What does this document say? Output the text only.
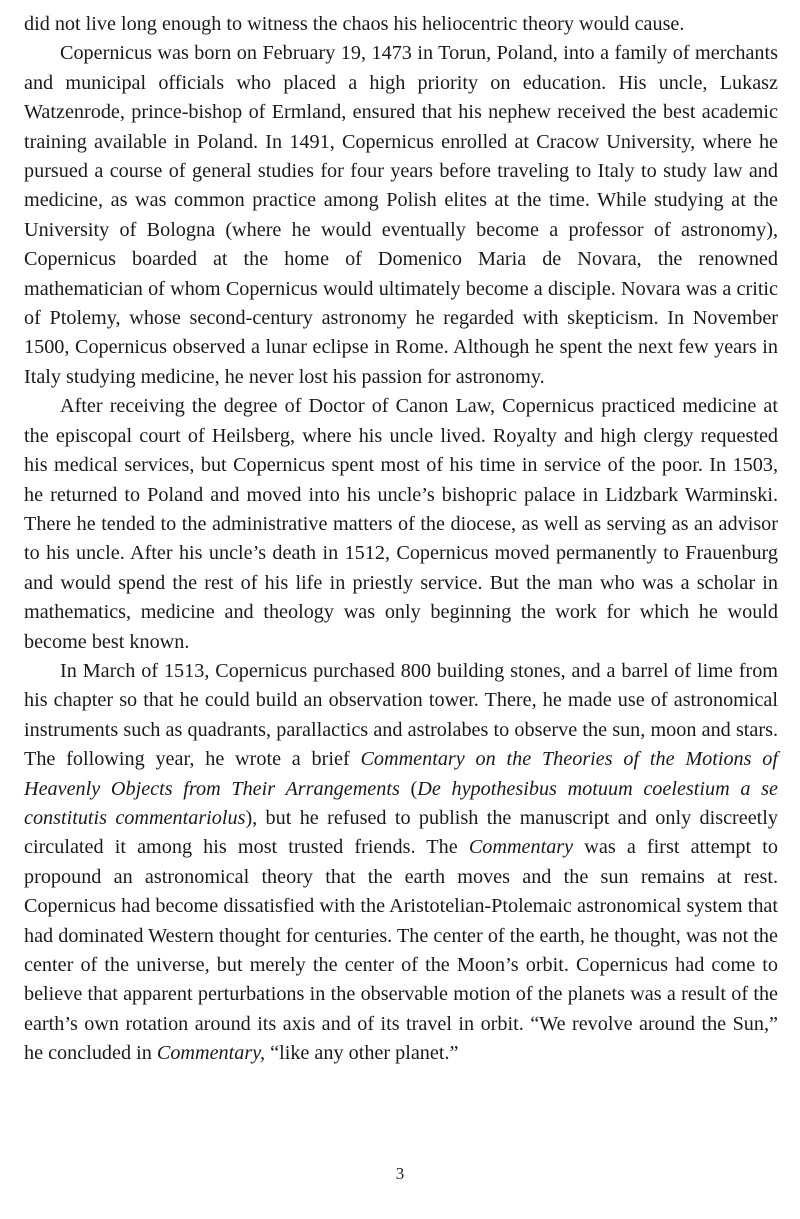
did not live long enough to witness the chaos his heliocentric theory would cause.

Copernicus was born on February 19, 1473 in Torun, Poland, into a family of merchants and municipal officials who placed a high priority on education. His uncle, Lukasz Watzenrode, prince-bishop of Ermland, ensured that his nephew received the best academic training available in Poland. In 1491, Copernicus enrolled at Cracow University, where he pursued a course of general studies for four years before traveling to Italy to study law and medicine, as was common practice among Polish elites at the time. While studying at the University of Bologna (where he would eventually become a professor of astronomy), Copernicus boarded at the home of Domenico Maria de Novara, the renowned mathematician of whom Copernicus would ultimately become a disciple. Novara was a critic of Ptolemy, whose second-century astronomy he regarded with skepticism. In November 1500, Copernicus observed a lunar eclipse in Rome. Although he spent the next few years in Italy studying medicine, he never lost his passion for astronomy.

After receiving the degree of Doctor of Canon Law, Copernicus practiced medicine at the episcopal court of Heilsberg, where his uncle lived. Royalty and high clergy requested his medical services, but Copernicus spent most of his time in service of the poor. In 1503, he returned to Poland and moved into his uncle’s bishopric palace in Lidzbark Warminski. There he tended to the administrative matters of the diocese, as well as serving as an advisor to his uncle. After his uncle’s death in 1512, Copernicus moved permanently to Frauenburg and would spend the rest of his life in priestly service. But the man who was a scholar in mathematics, medicine and theology was only beginning the work for which he would become best known.

In March of 1513, Copernicus purchased 800 building stones, and a barrel of lime from his chapter so that he could build an observation tower. There, he made use of astronomical instruments such as quadrants, parallactics and astrolabes to observe the sun, moon and stars. The following year, he wrote a brief Commentary on the Theories of the Motions of Heavenly Objects from Their Arrangements (De hypothesibus motuum coelestium a se constitutis commentariolus), but he refused to publish the manuscript and only discreetly circulated it among his most trusted friends. The Commentary was a first attempt to propound an astronomical theory that the earth moves and the sun remains at rest. Copernicus had become dissatisfied with the Aristotelian-Ptolemaic astronomical system that had dominated Western thought for centuries. The center of the earth, he thought, was not the center of the universe, but merely the center of the Moon’s orbit. Copernicus had come to believe that apparent perturbations in the observable motion of the planets was a result of the earth’s own rotation around its axis and of its travel in orbit. “We revolve around the Sun,” he concluded in Commentary, “like any other planet.”

3
